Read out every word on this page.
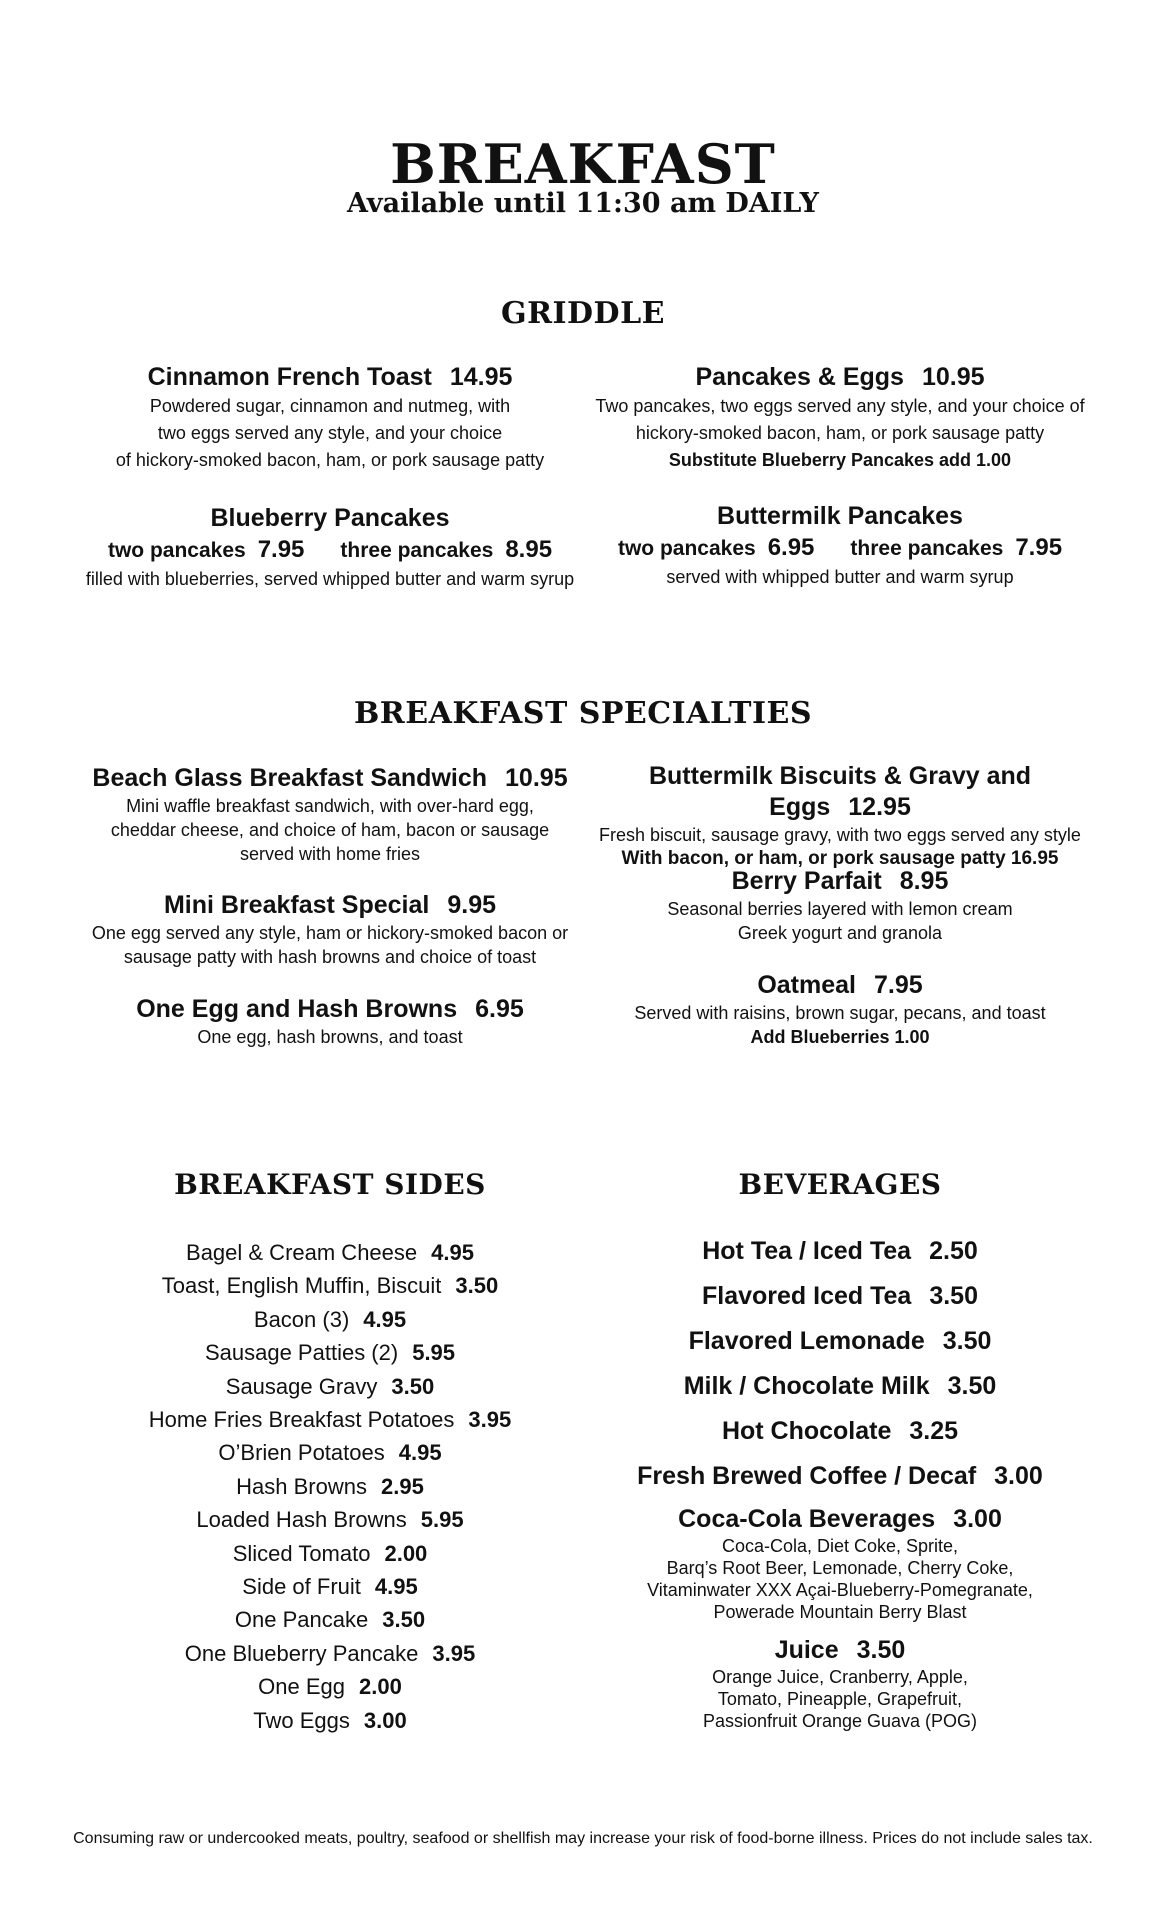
BREAKFAST
Available until 11:30 am DAILY
GRIDDLE
Cinnamon French Toast 14.95
Powdered sugar, cinnamon and nutmeg, with
two eggs served any style, and your choice
of hickory-smoked bacon, ham, or pork sausage patty
Pancakes & Eggs 10.95
Two pancakes, two eggs served any style, and your choice of
hickory-smoked bacon, ham, or pork sausage patty
Substitute Blueberry Pancakes add 1.00
Blueberry Pancakes
two pancakes 7.95 three pancakes 8.95
filled with blueberries, served whipped butter and warm syrup
Buttermilk Pancakes
two pancakes 6.95 three pancakes 7.95
served with whipped butter and warm syrup
BREAKFAST SPECIALTIES
Beach Glass Breakfast Sandwich 10.95
Mini waffle breakfast sandwich, with over-hard egg,
cheddar cheese, and choice of ham, bacon or sausage
served with home fries
Buttermilk Biscuits & Gravy and Eggs 12.95
Fresh biscuit, sausage gravy, with two eggs served any style
With bacon, or ham, or pork sausage patty 16.95
Mini Breakfast Special 9.95
One egg served any style, ham or hickory-smoked bacon or
sausage patty with hash browns and choice of toast
Berry Parfait 8.95
Seasonal berries layered with lemon cream
Greek yogurt and granola
One Egg and Hash Browns 6.95
One egg, hash browns, and toast
Oatmeal 7.95
Served with raisins, brown sugar, pecans, and toast
Add Blueberries 1.00
BREAKFAST SIDES
Bagel & Cream Cheese 4.95
Toast, English Muffin, Biscuit 3.50
Bacon (3) 4.95
Sausage Patties (2) 5.95
Sausage Gravy 3.50
Home Fries Breakfast Potatoes 3.95
O’Brien Potatoes 4.95
Hash Browns 2.95
Loaded Hash Browns 5.95
Sliced Tomato 2.00
Side of Fruit 4.95
One Pancake 3.50
One Blueberry Pancake 3.95
One Egg 2.00
Two Eggs 3.00
BEVERAGES
Hot Tea / Iced Tea 2.50
Flavored Iced Tea 3.50
Flavored Lemonade 3.50
Milk / Chocolate Milk 3.50
Hot Chocolate 3.25
Fresh Brewed Coffee / Decaf 3.00
Coca-Cola Beverages 3.00
Coca-Cola, Diet Coke, Sprite,
Barq’s Root Beer, Lemonade, Cherry Coke,
Vitaminwater XXX Açai-Blueberry-Pomegranate,
Powerade Mountain Berry Blast
Juice 3.50
Orange Juice, Cranberry, Apple,
Tomato, Pineapple, Grapefruit,
Passionfruit Orange Guava (POG)
Consuming raw or undercooked meats, poultry, seafood or shellfish may increase your risk of food-borne illness. Prices do not include sales tax.
